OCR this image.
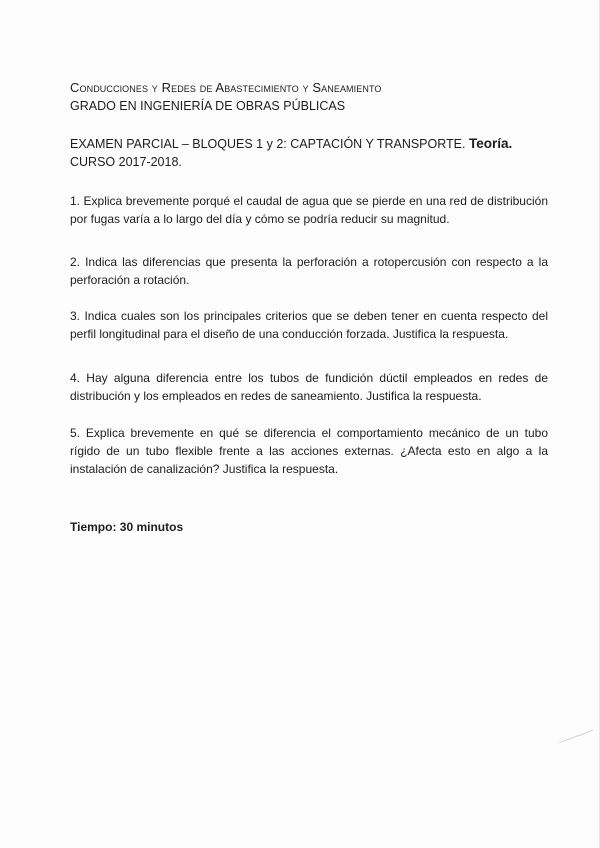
Conducciones y Redes de Abastecimiento y Saneamiento

GRADO EN INGENIERÍA DE OBRAS PÚBLICAS

EXAMEN PARCIAL – BLOQUES 1 y 2: CAPTACIÓN Y TRANSPORTE. Teoría.

CURSO 2017-2018.

1. Explica brevemente porqué el caudal de agua que se pierde en una red de distribución por fugas varía a lo largo del día y cómo se podría reducir su magnitud.

2. Indica las diferencias que presenta la perforación a rotopercusión con respecto a la perforación a rotación.

3. Indica cuales son los principales criterios que se deben tener en cuenta respecto del perfil longitudinal para el diseño de una conducción forzada. Justifica la respuesta.

4. Hay alguna diferencia entre los tubos de fundición dúctil empleados en redes de distribución y los empleados en redes de saneamiento. Justifica la respuesta.

5. Explica brevemente en qué se diferencia el comportamiento mecánico de un tubo rígido de un tubo flexible frente a las acciones externas. ¿Afecta esto en algo a la instalación de canalización? Justifica la respuesta.

Tiempo: 30 minutos
